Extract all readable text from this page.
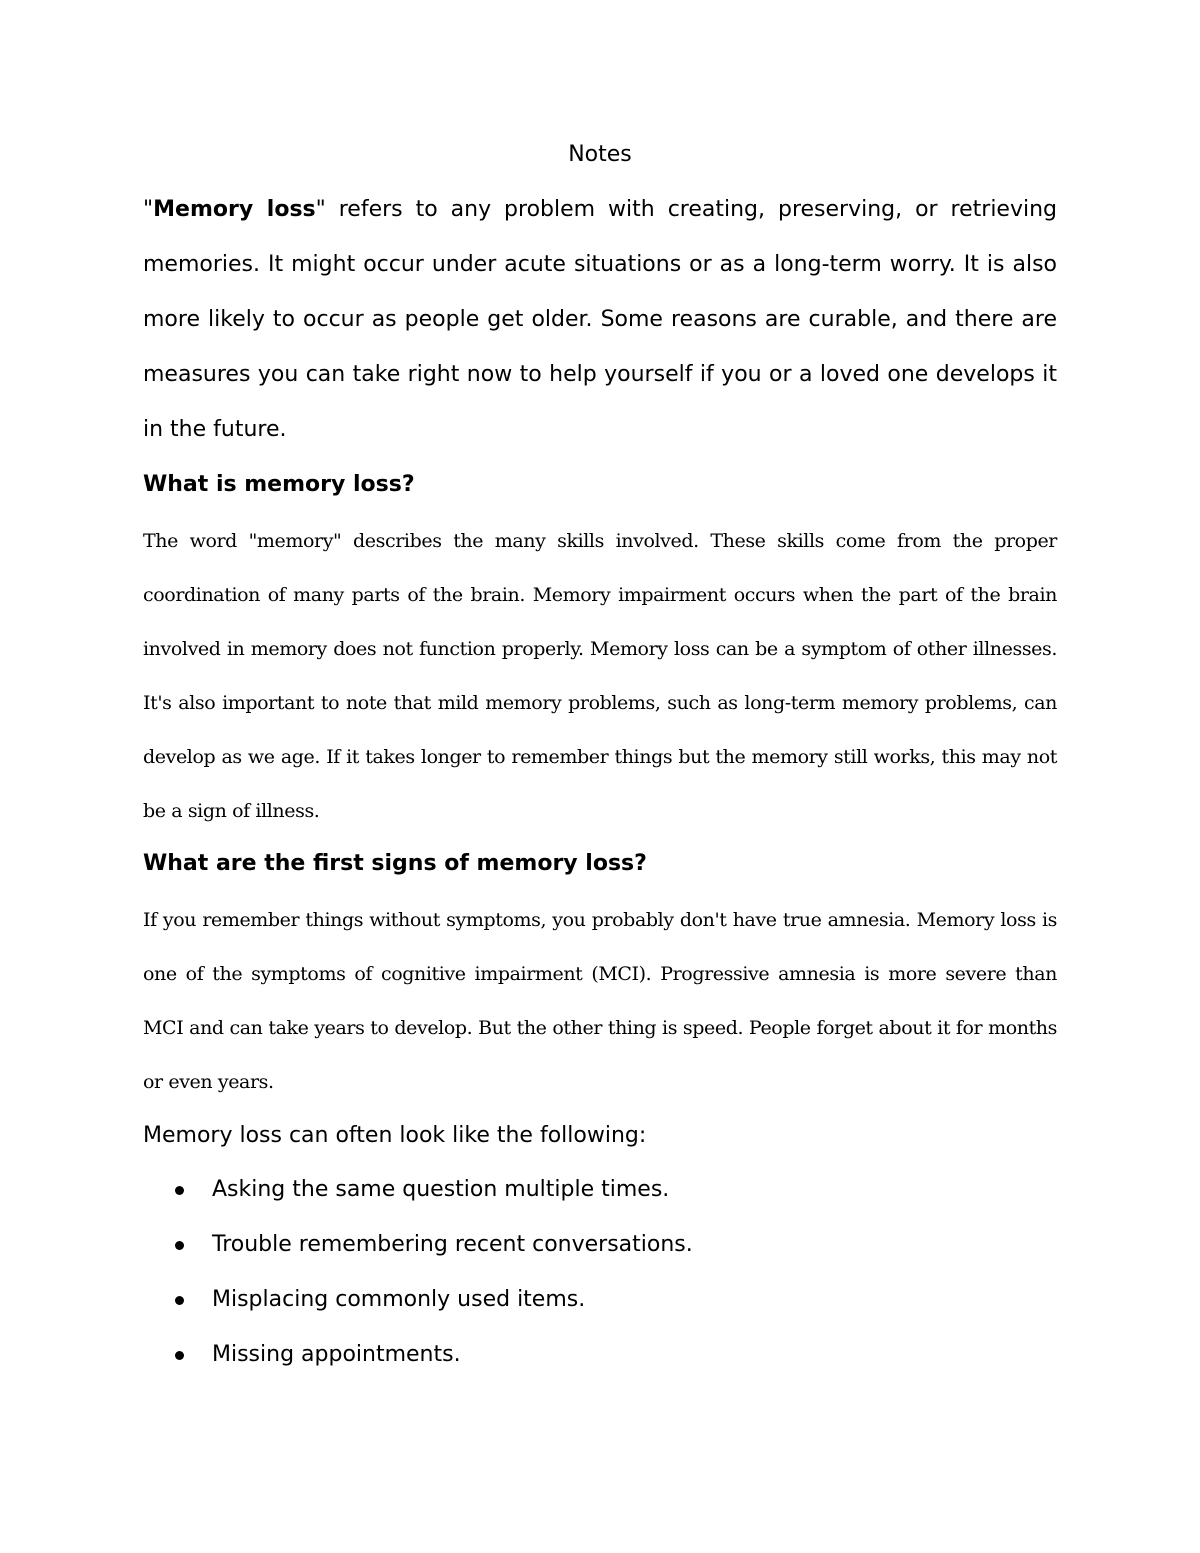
Notes

"Memory loss" refers to any problem with creating, preserving, or retrieving memories. It might occur under acute situations or as a long-term worry. It is also more likely to occur as people get older. Some reasons are curable, and there are measures you can take right now to help yourself if you or a loved one develops it in the future.

What is memory loss?

The word "memory" describes the many skills involved. These skills come from the proper coordination of many parts of the brain. Memory impairment occurs when the part of the brain involved in memory does not function properly. Memory loss can be a symptom of other illnesses. It's also important to note that mild memory problems, such as long-term memory problems, can develop as we age. If it takes longer to remember things but the memory still works, this may not be a sign of illness.

What are the first signs of memory loss?

If you remember things without symptoms, you probably don't have true amnesia. Memory loss is one of the symptoms of cognitive impairment (MCI). Progressive amnesia is more severe than MCI and can take years to develop. But the other thing is speed. People forget about it for months or even years.

Memory loss can often look like the following:

Asking the same question multiple times.
Trouble remembering recent conversations.
Misplacing commonly used items.
Missing appointments.
